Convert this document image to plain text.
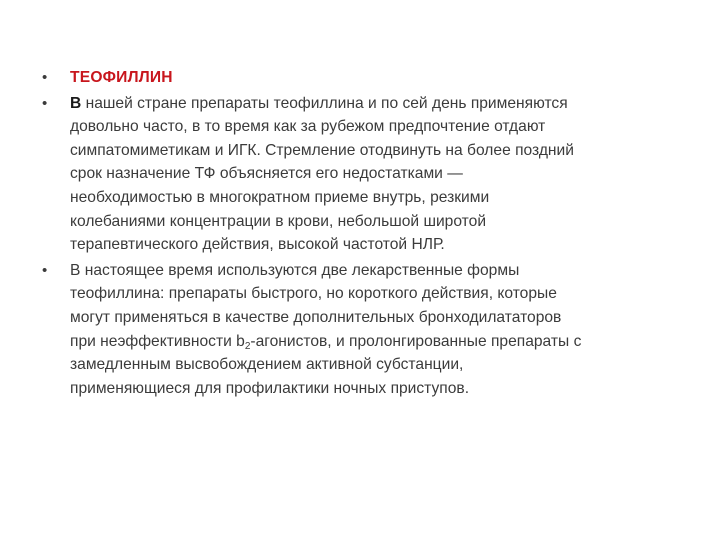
• ТЕОФИЛЛИН
• В нашей стране препараты теофиллина и по сей день применяются
довольно часто, в то время как за рубежом предпочтение отдают
симпатомиметикам и ИГК. Стремление отодвинуть на более поздний
срок назначение ТФ объясняется его недостатками —
необходимостью в многократном приеме внутрь, резкими
колебаниями концентрации в крови, небольшой широтой
терапевтического действия, высокой частотой НЛР.
• В настоящее время используются две лекарственные формы
теофиллина: препараты быстрого, но короткого действия, которые
могут применяться в качестве дополнительных бронходилататоров
при неэффективности $b_2$-агонистов, и пролонгированные препараты с
замедленным высвобождением активной субстанции,
применяющиеся для профилактики ночных приступов.
